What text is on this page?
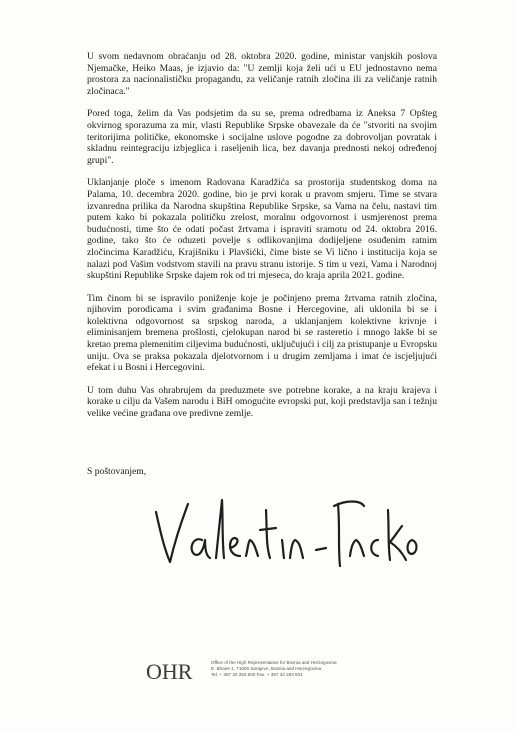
U svom nedavnom obraćanju od 28. oktobra 2020. godine, ministar vanjskih poslova Njemačke, Heiko Maas, je izjavio da: "U zemlji koja želi ući u EU jednostavno nema prostora za nacionalističku propagandu, za veličanje ratnih zločina ili za veličanje ratnih zločinaca."

Pored toga, želim da Vas podsjetim da su se, prema odredbama iz Aneksa 7 Opšteg okvirnog sporazuma za mir, vlasti Republike Srpske obavezale da će "stvoriti na svojim teritorijima političke, ekonomske i socijalne uslove pogodne za dobrovoljan povratak i skladnu reintegraciju izbjeglica i raseljenih lica, bez davanja prednosti nekoj određenoj grupi".

Uklanjanje ploče s imenom Radovana Karadžića sa prostorija studentskog doma na Palama, 10. decembra 2020. godine, bio je prvi korak u pravom smjeru. Time se stvara izvanredna prilika da Narodna skupština Republike Srpske, sa Vama na čelu, nastavi tim putem kako bi pokazala političku zrelost, moralnu odgovornost i usmjerenost prema budućnosti, time što će odati počast žrtvama i ispraviti sramotu od 24. oktobra 2016. godine, tako što će oduzeti povelje s odlikovanjima dodijeljene osuđenim ratnim zločincima Karadžiću, Krajišniku i Plavšićki, čime biste se Vi lično i institucija koja se nalazi pod Vašim vodstvom stavili na pravu stranu istorije. S tim u vezi, Vama i Narodnoj skupštini Republike Srpske dajem rok od tri mjeseca, do kraja aprila 2021. godine.

Tim činom bi se ispravilo poniženje koje je počinjeno prema žrtvama ratnih zločina, njihovim porodicama i svim građanima Bosne i Hercegovine, ali uklonila bi se i kolektivna odgovornost sa srpskog naroda, a uklanjanjem kolektivne krivnje i eliminisanjem bremena prošlosti, cjelokupan narod bi se rasteretio i mnogo lakše bi se kretao prema plemenitim ciljevima budućnosti, uključujući i cilj za pristupanje u Evropsku uniju. Ova se praksa pokazala djelotvornom i u drugim zemljama i imat će iscjeljujući efekat i u Bosni i Hercegovini.

U tom duhu Vas ohrabrujem da preduzmete sve potrebne korake, a na kraju krajeva i korake u cilju da Vašem narodu i BiH omogućite evropski put, koji predstavlja san i težnju velike većine građana ove predivne zemlje.

S poštovanjem,

OHR	Office of the High Representative for Bosnia and Herzegovina
E. Bhaire 1, 71000 Sarajevo, Bosnia and Herzegovina
Tel. + 387 33 283 500 Fax. + 387 33 283 501
